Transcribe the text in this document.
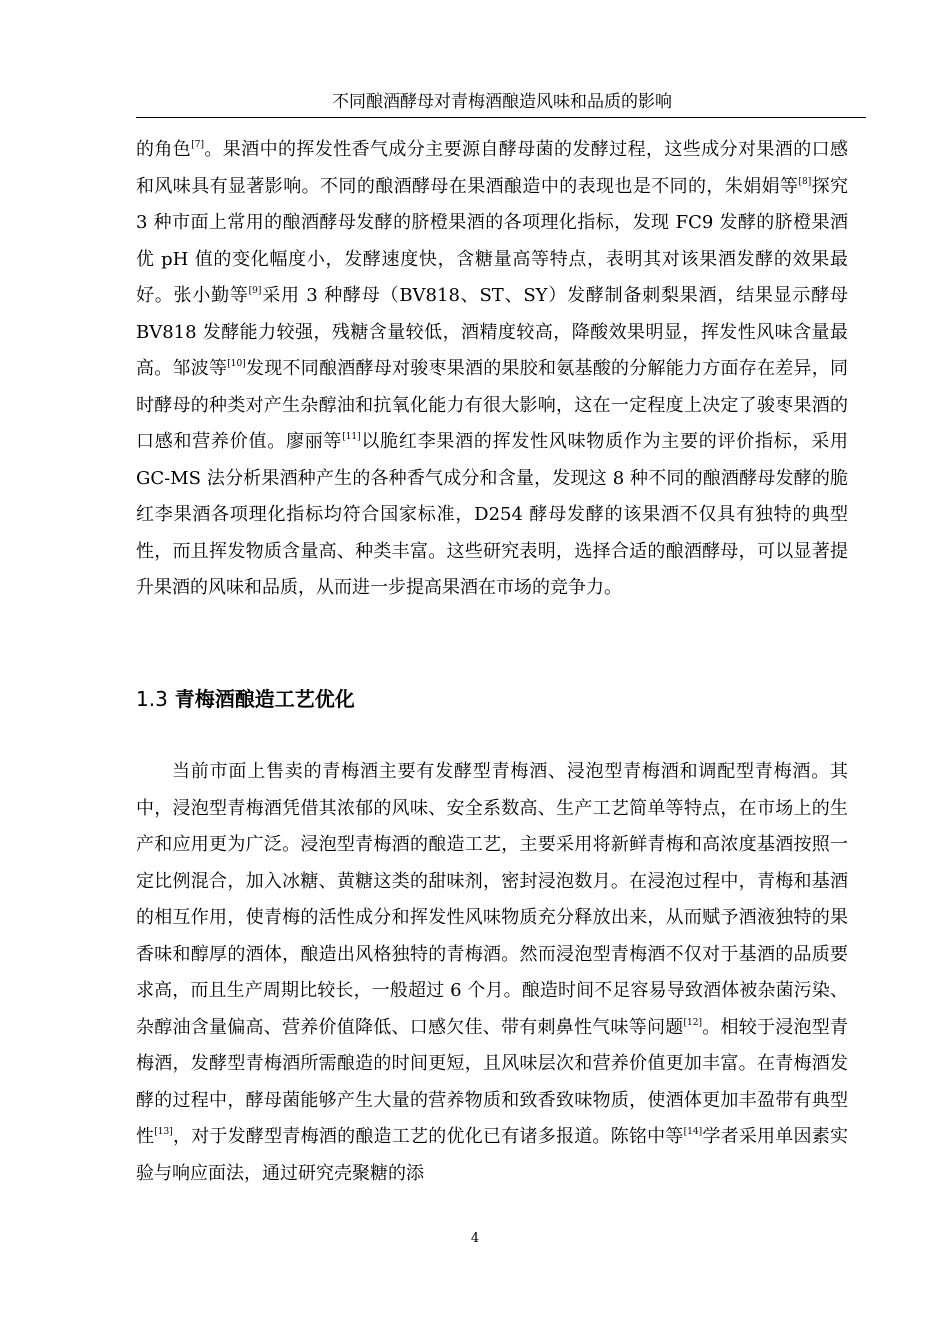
不同酿酒酵母对青梅酒酿造风味和品质的影响

的角色[7]。果酒中的挥发性香气成分主要源自酵母菌的发酵过程，这些成分对果酒的口感和风味具有显著影响。不同的酿酒酵母在果酒酿造中的表现也是不同的，朱娟娟等[8]探究 3 种市面上常用的酿酒酵母发酵的脐橙果酒的各项理化指标，发现 FC9 发酵的脐橙果酒优 pH 值的变化幅度小，发酵速度快，含糖量高等特点，表明其对该果酒发酵的效果最好。张小勤等[9]采用 3 种酵母（BV818、ST、SY）发酵制备刺梨果酒，结果显示酵母 BV818 发酵能力较强，残糖含量较低，酒精度较高，降酸效果明显，挥发性风味含量最高。邹波等[10]发现不同酿酒酵母对骏枣果酒的果胶和氨基酸的分解能力方面存在差异，同时酵母的种类对产生杂醇油和抗氧化能力有很大影响，这在一定程度上决定了骏枣果酒的口感和营养价值。廖丽等[11]以脆红李果酒的挥发性风味物质作为主要的评价指标，采用 GC-MS 法分析果酒种产生的各种香气成分和含量，发现这 8 种不同的酿酒酵母发酵的脆红李果酒各项理化指标均符合国家标准，D254 酵母发酵的该果酒不仅具有独特的典型性，而且挥发物质含量高、种类丰富。这些研究表明，选择合适的酿酒酵母，可以显著提升果酒的风味和品质，从而进一步提高果酒在市场的竞争力。

1.3 青梅酒酿造工艺优化

当前市面上售卖的青梅酒主要有发酵型青梅酒、浸泡型青梅酒和调配型青梅酒。其中，浸泡型青梅酒凭借其浓郁的风味、安全系数高、生产工艺简单等特点，在市场上的生产和应用更为广泛。浸泡型青梅酒的酿造工艺，主要采用将新鲜青梅和高浓度基酒按照一定比例混合，加入冰糖、黄糖这类的甜味剂，密封浸泡数月。在浸泡过程中，青梅和基酒的相互作用，使青梅的活性成分和挥发性风味物质充分释放出来，从而赋予酒液独特的果香味和醇厚的酒体，酿造出风格独特的青梅酒。然而浸泡型青梅酒不仅对于基酒的品质要求高，而且生产周期比较长，一般超过 6 个月。酿造时间不足容易导致酒体被杂菌污染、杂醇油含量偏高、营养价值降低、口感欠佳、带有刺鼻性气味等问题[12]。相较于浸泡型青梅酒，发酵型青梅酒所需酿造的时间更短，且风味层次和营养价值更加丰富。在青梅酒发酵的过程中，酵母菌能够产生大量的营养物质和致香致味物质，使酒体更加丰盈带有典型性[13]，对于发酵型青梅酒的酿造工艺的优化已有诸多报道。陈铭中等[14]学者采用单因素实验与响应面法，通过研究壳聚糖的添

4
